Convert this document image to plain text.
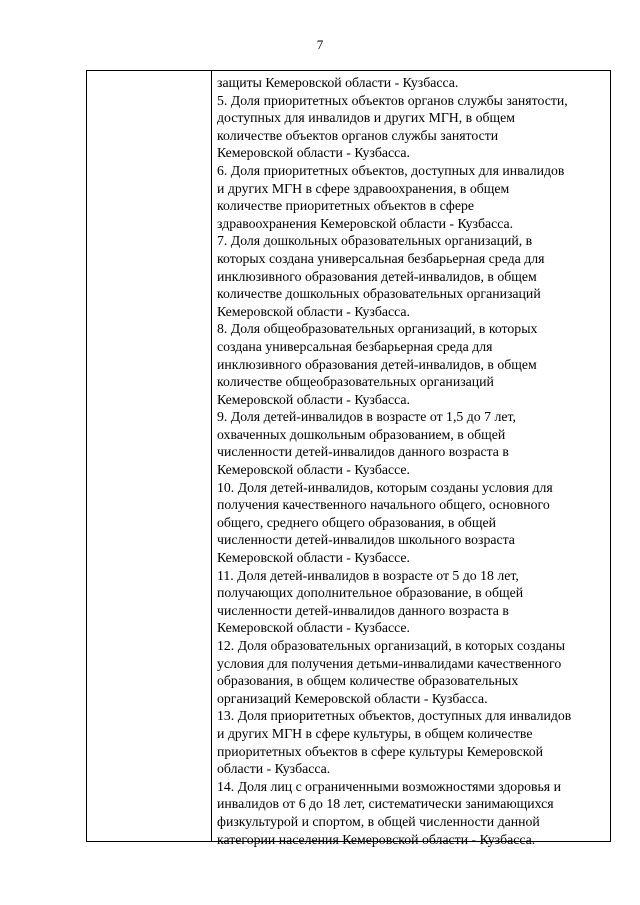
7
защиты Кемеровской области - Кузбасса.
5. Доля приоритетных объектов органов службы занятости,
доступных для инвалидов и других МГН, в общем
количестве объектов органов службы занятости
Кемеровской области - Кузбасса.
6. Доля приоритетных объектов, доступных для инвалидов
и других МГН в сфере здравоохранения, в общем
количестве приоритетных объектов в сфере
здравоохранения Кемеровской области - Кузбасса.
7. Доля дошкольных образовательных организаций, в
которых создана универсальная безбарьерная среда для
инклюзивного образования детей-инвалидов, в общем
количестве дошкольных образовательных организаций
Кемеровской области - Кузбасса.
8. Доля общеобразовательных организаций, в которых
создана универсальная безбарьерная среда для
инклюзивного образования детей-инвалидов, в общем
количестве общеобразовательных организаций
Кемеровской области - Кузбасса.
9. Доля детей-инвалидов в возрасте от 1,5 до 7 лет,
охваченных дошкольным образованием, в общей
численности детей-инвалидов данного возраста в
Кемеровской области - Кузбассе.
10. Доля детей-инвалидов, которым созданы условия для
получения качественного начального общего, основного
общего, среднего общего образования, в общей
численности детей-инвалидов школьного возраста
Кемеровской области - Кузбассе.
11. Доля детей-инвалидов в возрасте от 5 до 18 лет,
получающих дополнительное образование, в общей
численности детей-инвалидов данного возраста в
Кемеровской области - Кузбассе.
12. Доля образовательных организаций, в которых созданы
условия для получения детьми-инвалидами качественного
образования, в общем количестве образовательных
организаций Кемеровской области - Кузбасса.
13. Доля приоритетных объектов, доступных для инвалидов
и других МГН в сфере культуры, в общем количестве
приоритетных объектов в сфере культуры Кемеровской
области - Кузбасса.
14. Доля лиц с ограниченными возможностями здоровья и
инвалидов от 6 до 18 лет, систематически занимающихся
физкультурой и спортом, в общей численности данной
категории населения Кемеровской области - Кузбасса.
